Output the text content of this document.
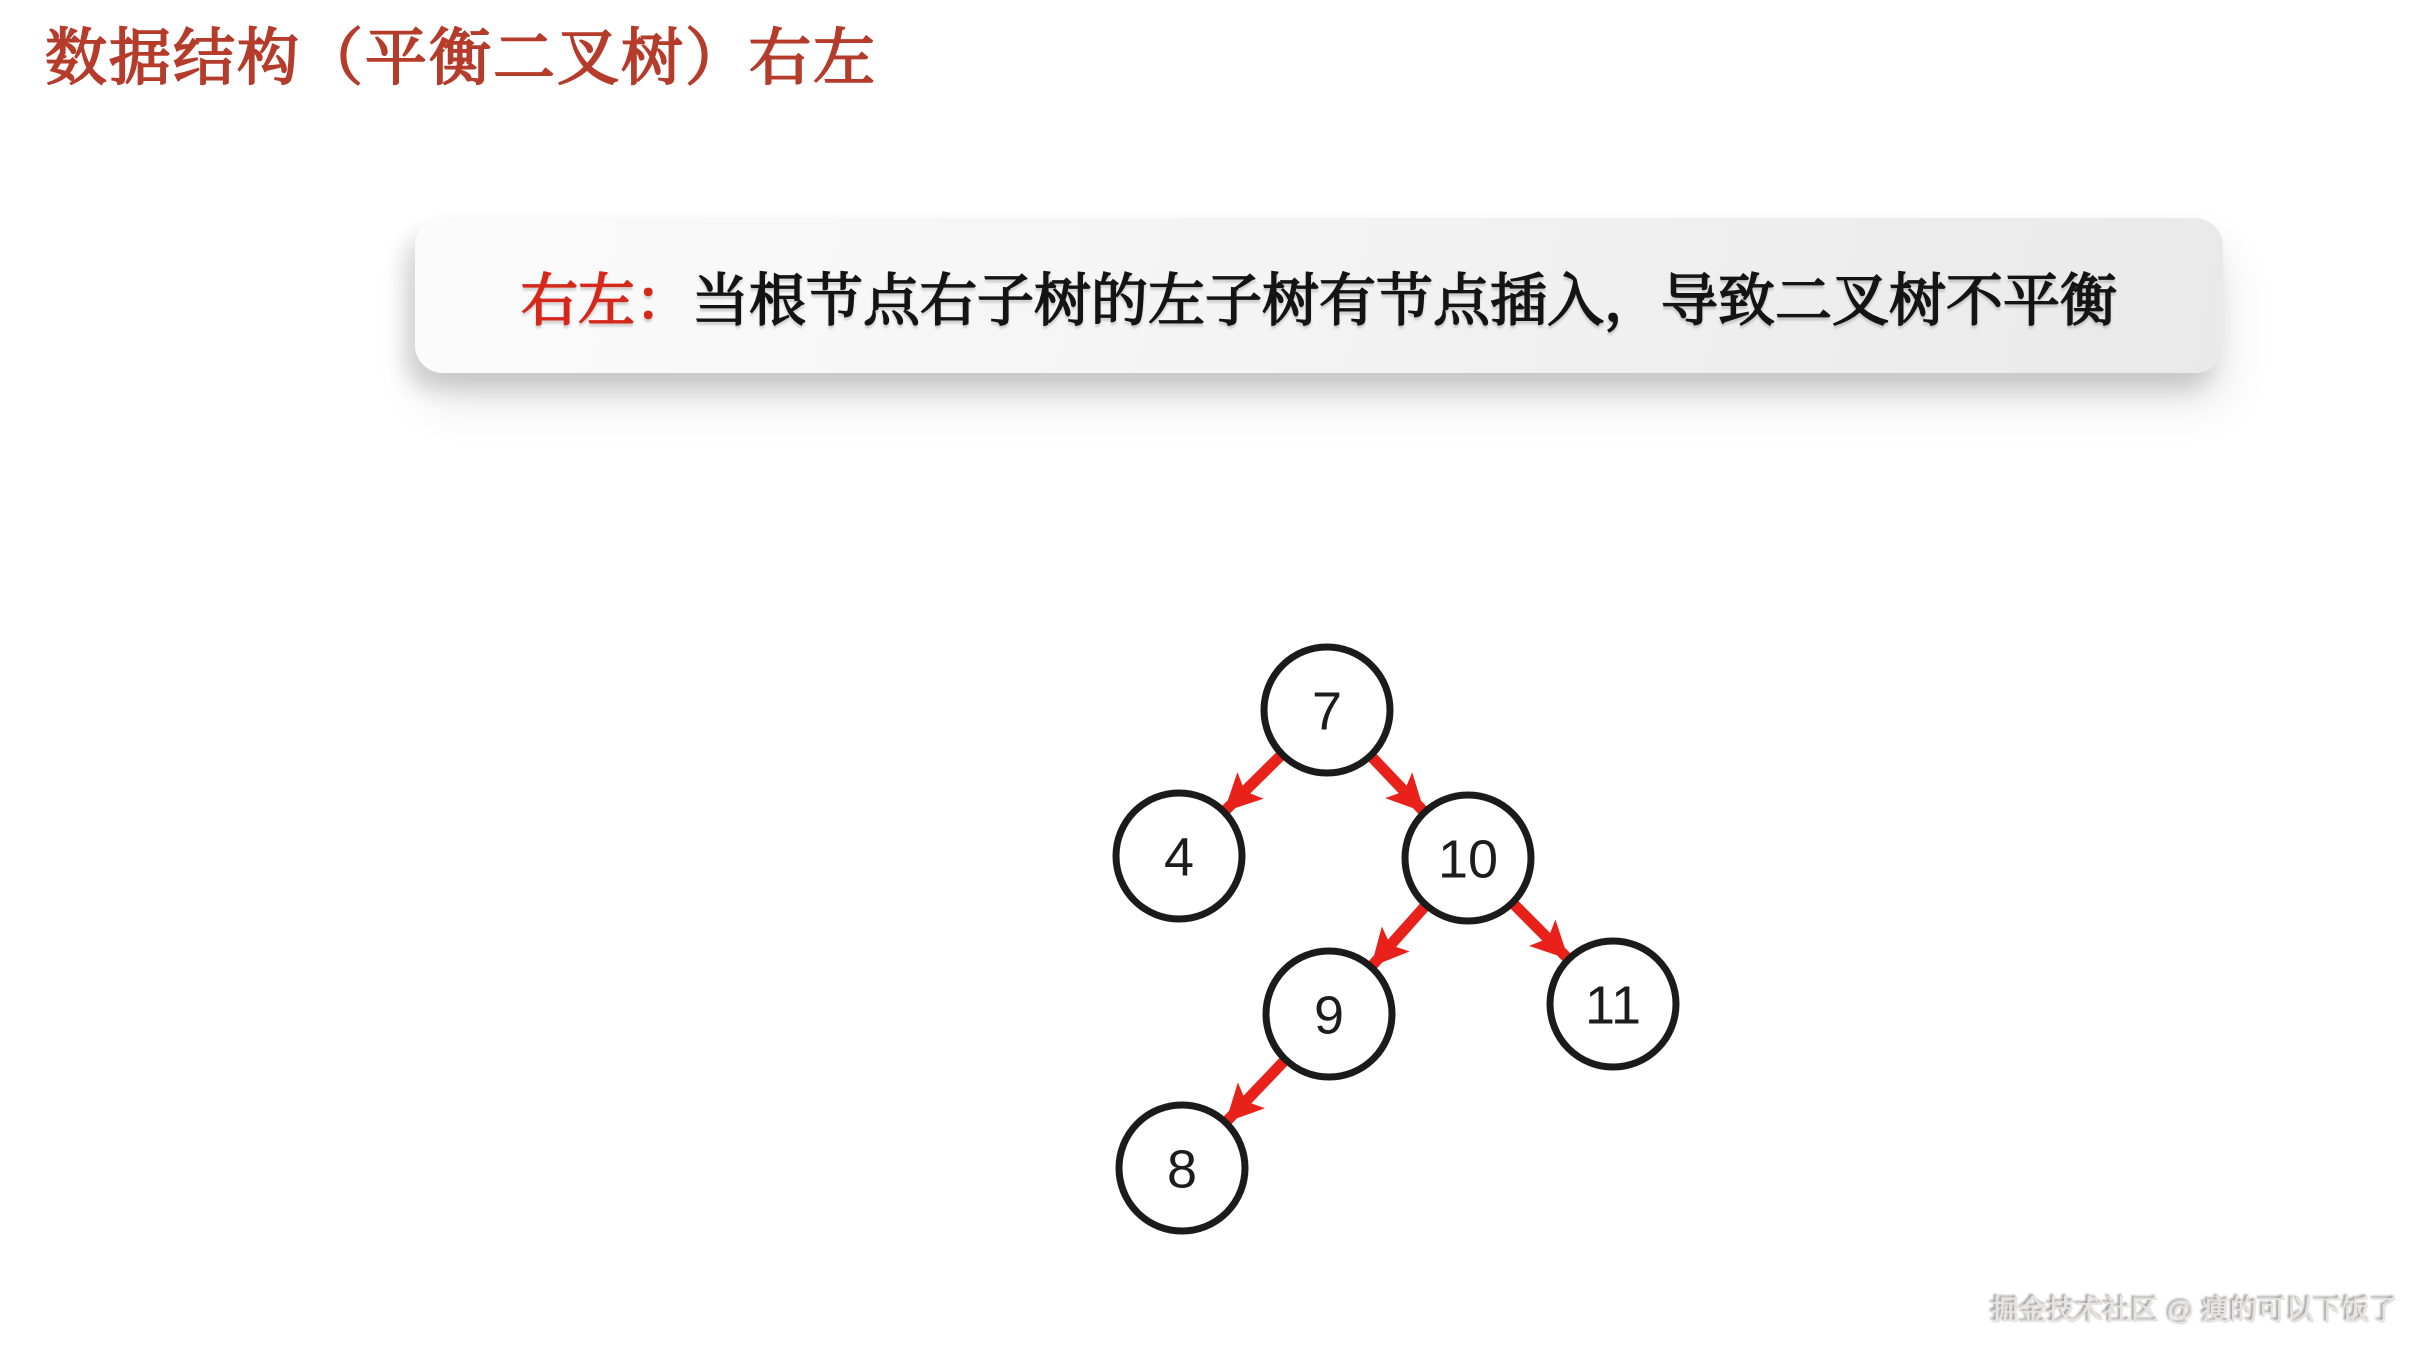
数据结构（平衡二叉树）右左

右左：当根节点右子树的左子树有节点插入，导致二叉树不平衡

7
4	10
9	11
8
掘金技术社区 @ 瘦的可以下饭了
